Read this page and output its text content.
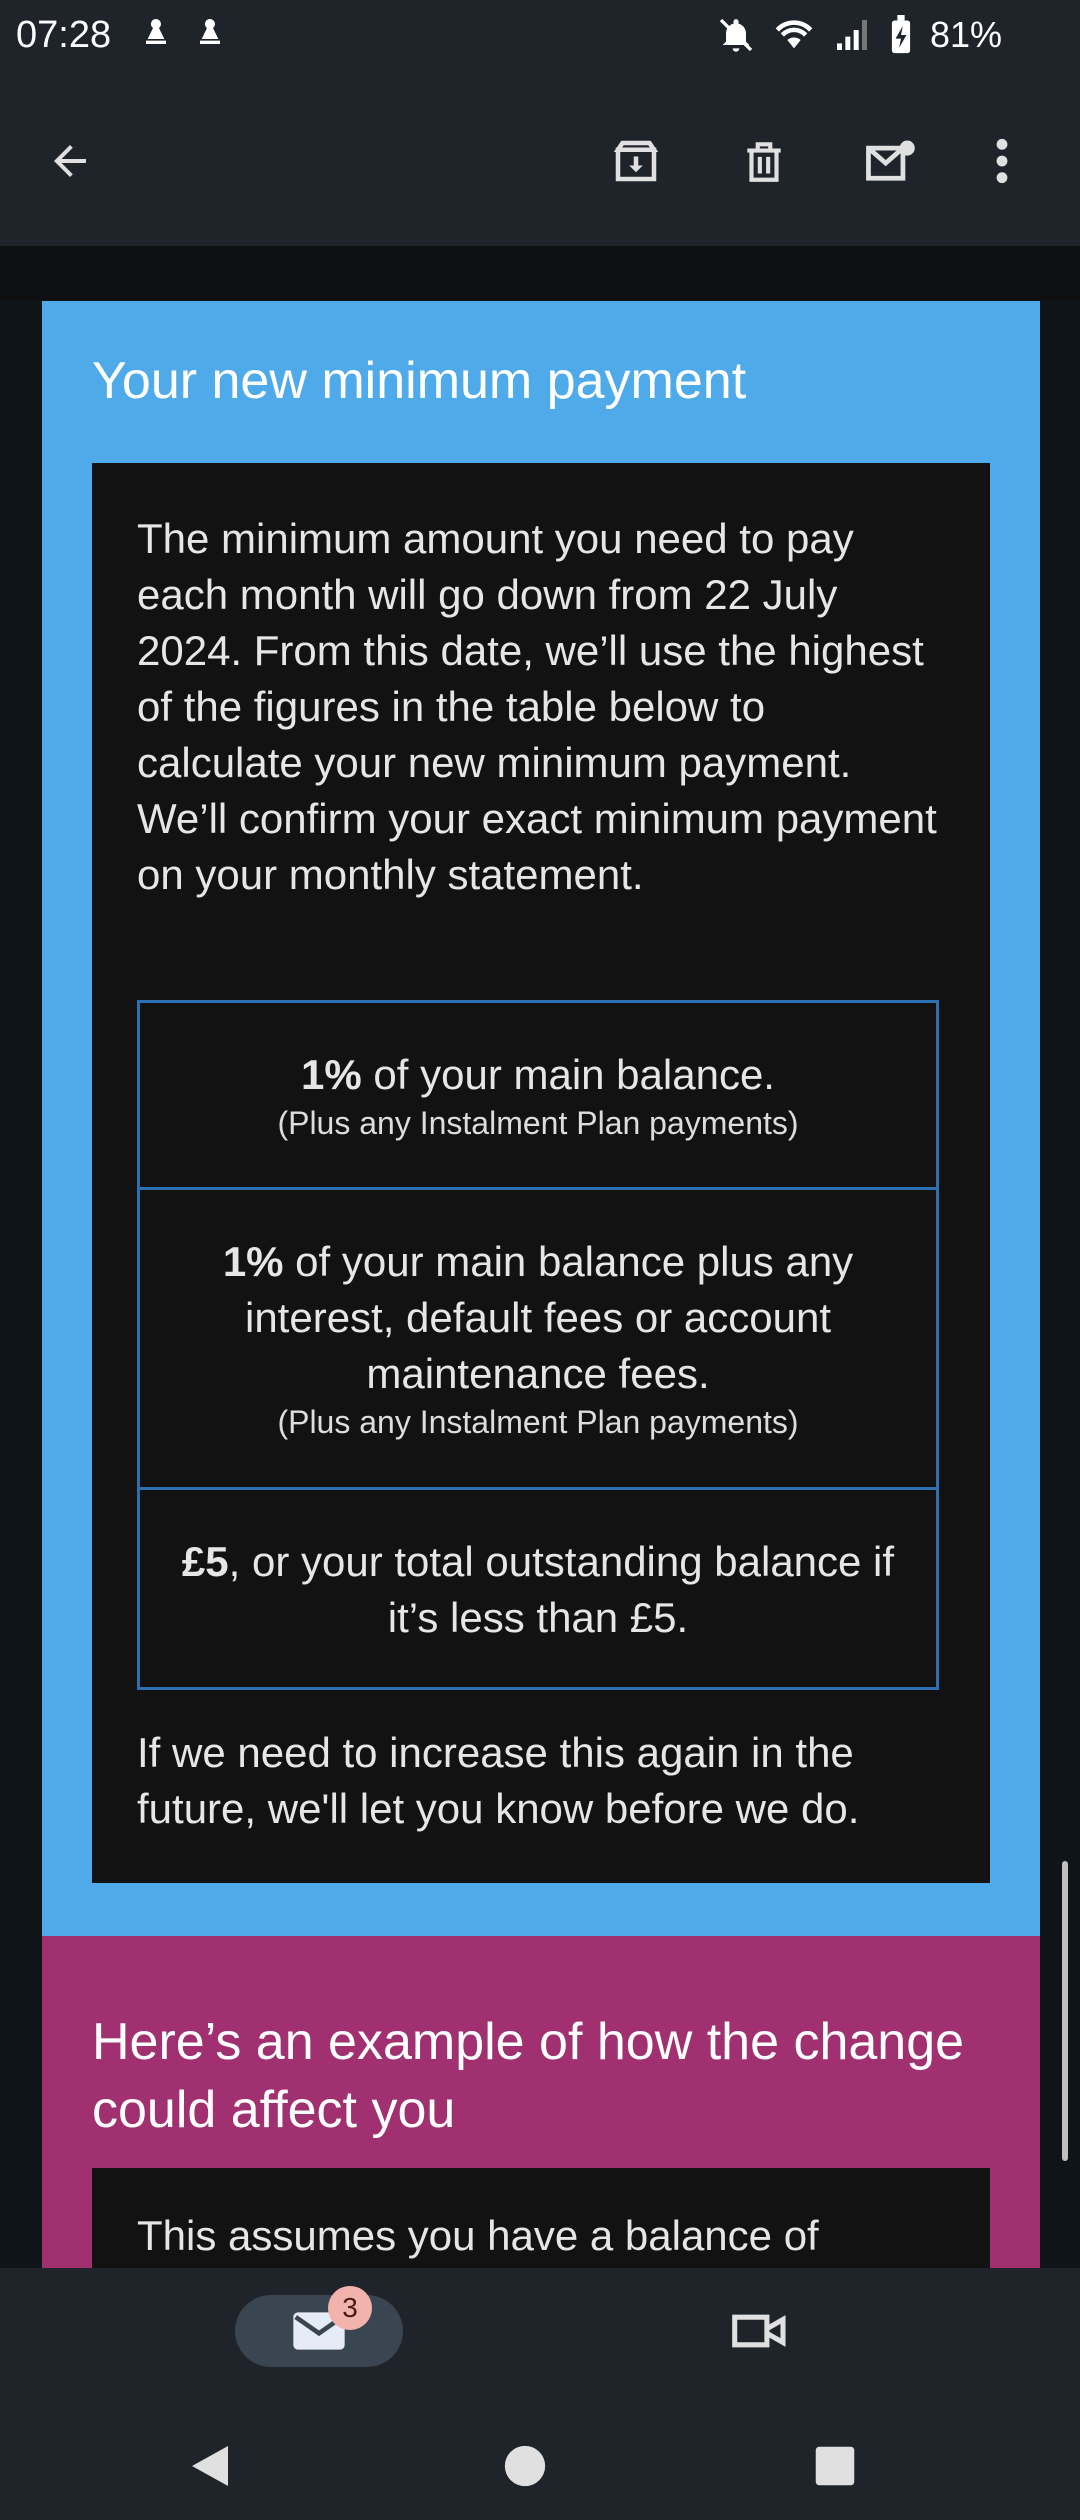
07:28	81%
Your new minimum payment
The minimum amount you need to pay each month will go down from 22 July 2024. From this date, we’ll use the highest of the figures in the table below to calculate your new minimum payment. We’ll confirm your exact minimum payment on your monthly statement.
1% of your main balance.
(Plus any Instalment Plan payments)
1% of your main balance plus any interest, default fees or account maintenance fees.
(Plus any Instalment Plan payments)
£5, or your total outstanding balance if it’s less than £5.
If we need to increase this again in the future, we'll let you know before we do.
Here’s an example of how the change could affect you
This assumes you have a balance of
3
